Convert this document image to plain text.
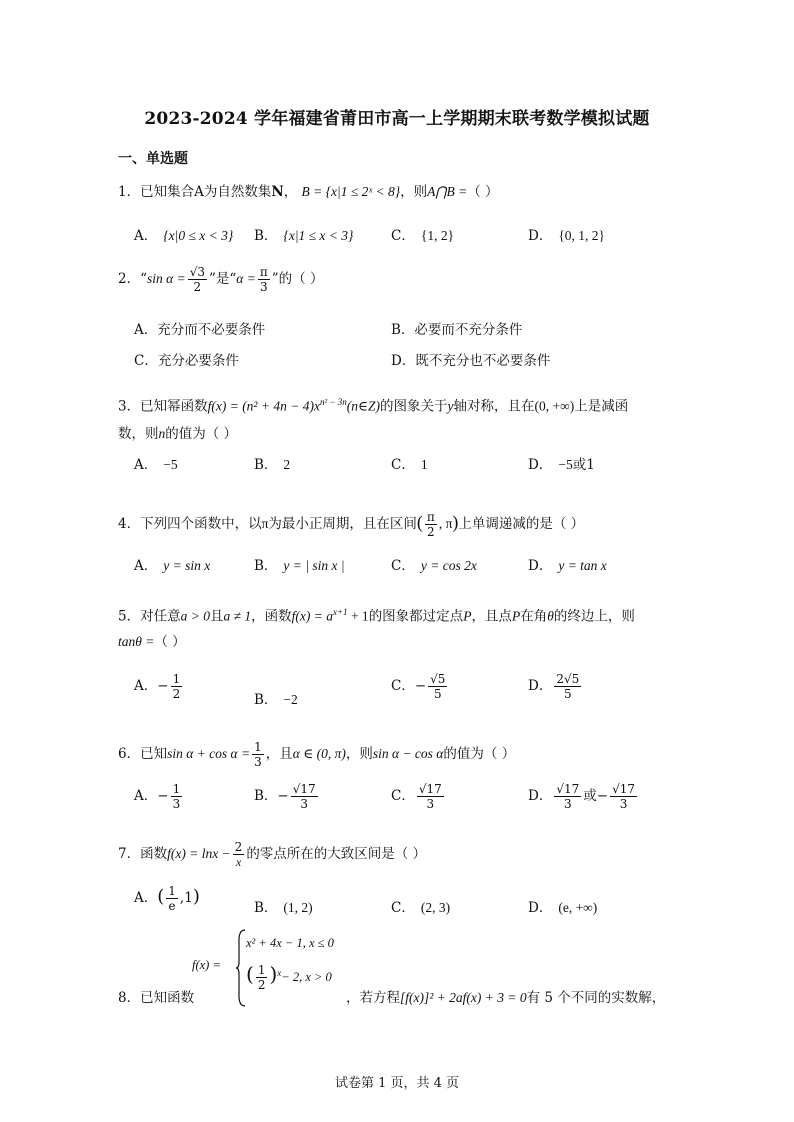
2023-2024 学年福建省莆田市高一上学期期末联考数学模拟试题
一、单选题
1．已知集合A为自然数集N， B = {x|1 ≤ 2ˣ < 8}，则A⋂B =（ ）
A． {x|0 ≤ x < 3} B． {x|1 ≤ x < 3}	C． {1, 2}	D． {0, 1, 2}
2．“sin $\alpha = \frac{√3}{2}$ ”是“$\alpha = \frac{\pi}{3}$ ”的（ ）
A．充分而不必要条件	B．必要而不充分条件
C．充分必要条件	D．既不充分也不必要条件
3．已知幂函数$f(x) = (n^2 + 4n - 4)x^{n^2 - 3n}(n\in Z)$的图象关于y轴对称，且在(0, +∞)上是减函
数，则n的值为（ ）
A． −5	B． 2	C． 1	D． −5或1
4．下列四个函数中，以π为最小正周期，且在区间( $\frac{\pi}{2}$ , π)上单调递减的是（ ）
A． y = sin x	B． y = | sin x |	C． y = cos 2x	D． y = tan x
5．对任意a > 0且a ≠ 1，函数$f(x) = a^{x+1} + 1$的图象都过定点P，且点P在角θ的终边上，则
tanθ =（ ）
A．− $\frac{1}{2}$	B． −2
C．− $\frac{√5}{5}$	D． $\frac{2√5}{5}$
6．已知$\sin \alpha + \cos \alpha = \frac{1}{3}$ ，且α ∈ (0, π)，则sin α − cos α的值为（ ）
A．− $\frac{1}{3}$	B．− $\frac{√17}{3}$	C． $\frac{√17}{3}$	D． $\frac{√17}{3}$ 或− $\frac{√17}{3}$
7．函数$f(x) = \ln x - \frac{2}{x}$ 的零点所在的大致区间是（ ）
A．( $\frac{1}{e} ,1$)
B． (1, 2)	C． (2, 3)	D． (e, +∞)
f(x) =
x² + 4x − 1, x ≤ 0
( $\frac{1}{2} )^x- 2$, x > 0
8．已知函数	，若方程[f(x)]² + 2af(x) + 3 = 0有 5 个不同的实数解，
试卷第 1 页，共 4 页
